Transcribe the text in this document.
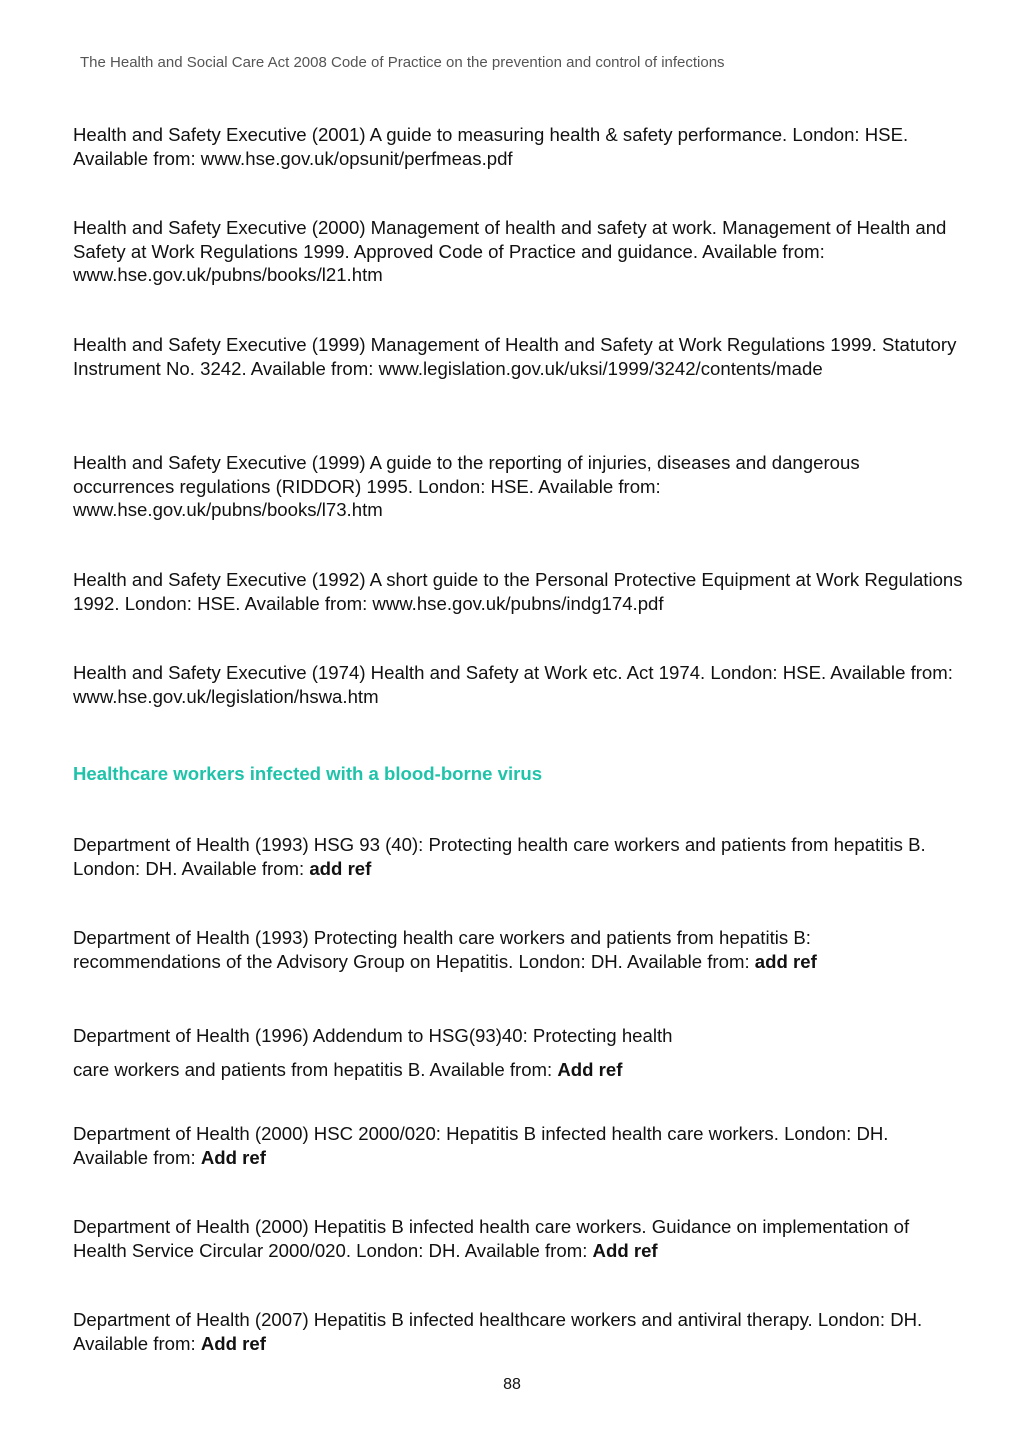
The Health and Social Care Act 2008 Code of Practice on the prevention and control of infections

Health and Safety Executive (2001) A guide to measuring health & safety performance. London: HSE. Available from: www.hse.gov.uk/opsunit/perfmeas.pdf

Health and Safety Executive (2000) Management of health and safety at work. Management of Health and Safety at Work Regulations 1999. Approved Code of Practice and guidance. Available from: www.hse.gov.uk/pubns/books/l21.htm

Health and Safety Executive (1999) Management of Health and Safety at Work Regulations 1999. Statutory Instrument No. 3242. Available from: www.legislation.gov.uk/uksi/1999/3242/contents/made

Health and Safety Executive (1999) A guide to the reporting of injuries, diseases and dangerous occurrences regulations (RIDDOR) 1995. London: HSE. Available from: www.hse.gov.uk/pubns/books/l73.htm

Health and Safety Executive (1992) A short guide to the Personal Protective Equipment at Work Regulations 1992. London: HSE. Available from: www.hse.gov.uk/pubns/indg174.pdf

Health and Safety Executive (1974) Health and Safety at Work etc. Act 1974. London: HSE. Available from: www.hse.gov.uk/legislation/hswa.htm

Healthcare workers infected with a blood-borne virus

Department of Health (1993) HSG 93 (40): Protecting health care workers and patients from hepatitis B. London: DH. Available from: add ref

Department of Health (1993) Protecting health care workers and patients from hepatitis B: recommendations of the Advisory Group on Hepatitis. London: DH. Available from: add ref

Department of Health (1996) Addendum to HSG(93)40: Protecting health
care workers and patients from hepatitis B. Available from: Add ref

Department of Health (2000) HSC 2000/020: Hepatitis B infected health care workers. London: DH. Available from: Add ref

Department of Health (2000) Hepatitis B infected health care workers. Guidance on implementation of Health Service Circular 2000/020. London: DH. Available from: Add ref

Department of Health (2007) Hepatitis B infected healthcare workers and antiviral therapy. London: DH. Available from: Add ref

88
